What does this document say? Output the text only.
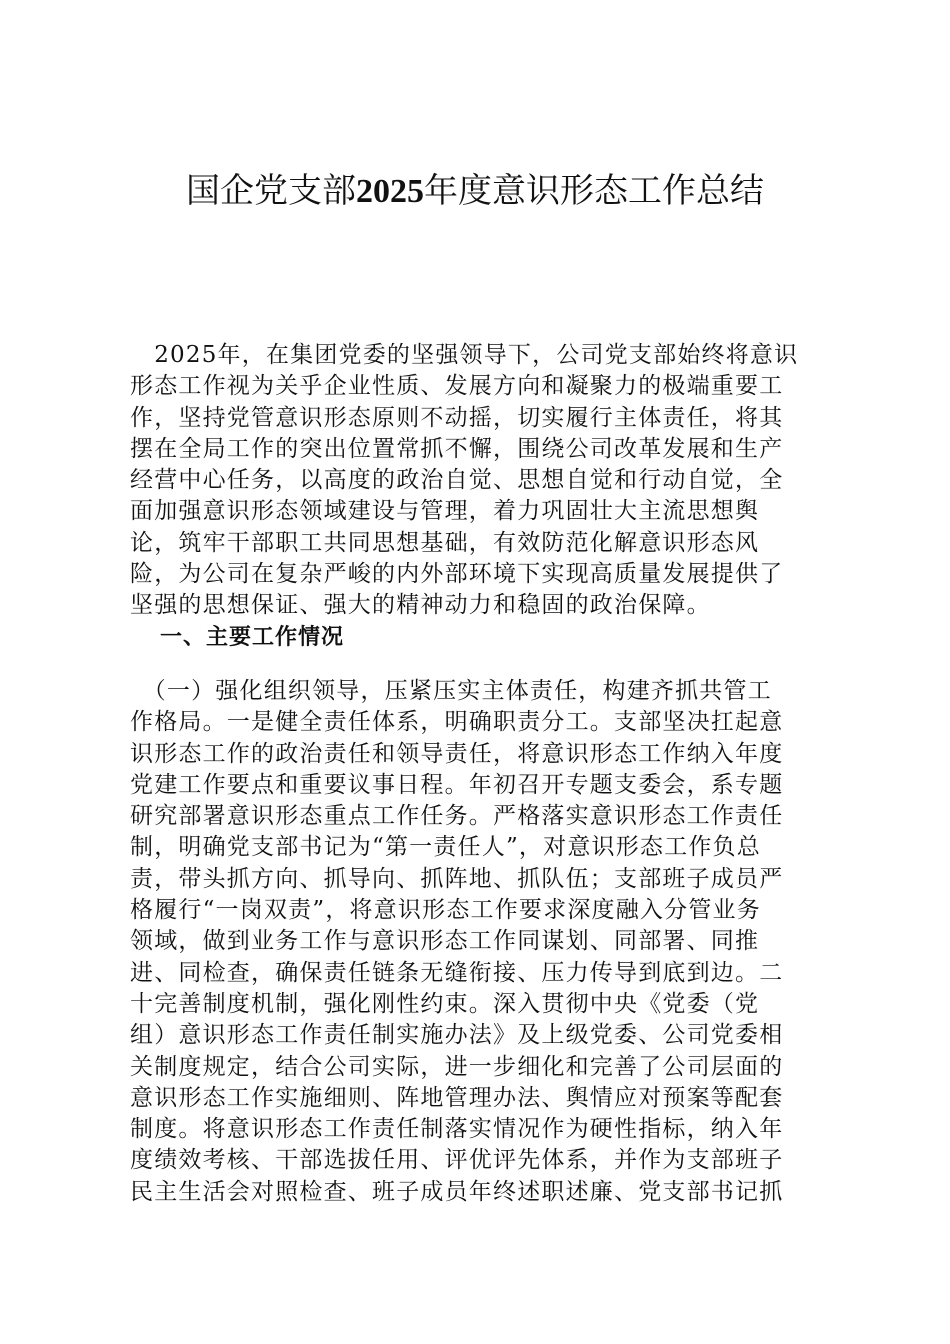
国企党支部2025年度意识形态工作总结
　2025年，在集团党委的坚强领导下，公司党支部始终将意识
形态工作视为关乎企业性质、发展方向和凝聚力的极端重要工
作，坚持党管意识形态原则不动摇，切实履行主体责任，将其
摆在全局工作的突出位置常抓不懈，围绕公司改革发展和生产
经营中心任务，以高度的政治自觉、思想自觉和行动自觉，全
面加强意识形态领域建设与管理，着力巩固壮大主流思想舆
论，筑牢干部职工共同思想基础，有效防范化解意识形态风
险，为公司在复杂严峻的内外部环境下实现高质量发展提供了
坚强的思想保证、强大的精神动力和稳固的政治保障。
一、主要工作情况
　（一）强化组织领导，压紧压实主体责任，构建齐抓共管工
作格局。一是健全责任体系，明确职责分工。支部坚决扛起意
识形态工作的政治责任和领导责任，将意识形态工作纳入年度
党建工作要点和重要议事日程。年初召开专题支委会，系专题
研究部署意识形态重点工作任务。严格落实意识形态工作责任
制，明确党支部书记为“第一责任人”，对意识形态工作负总
责，带头抓方向、抓导向、抓阵地、抓队伍；支部班子成员严
格履行“一岗双责”，将意识形态工作要求深度融入分管业务
领域，做到业务工作与意识形态工作同谋划、同部署、同推
进、同检查，确保责任链条无缝衔接、压力传导到底到边。二
十完善制度机制，强化刚性约束。深入贯彻中央《党委（党
组）意识形态工作责任制实施办法》及上级党委、公司党委相
关制度规定，结合公司实际，进一步细化和完善了公司层面的
意识形态工作实施细则、阵地管理办法、舆情应对预案等配套
制度。将意识形态工作责任制落实情况作为硬性指标，纳入年
度绩效考核、干部选拔任用、评优评先体系，并作为支部班子
民主生活会对照检查、班子成员年终述职述廉、党支部书记抓
